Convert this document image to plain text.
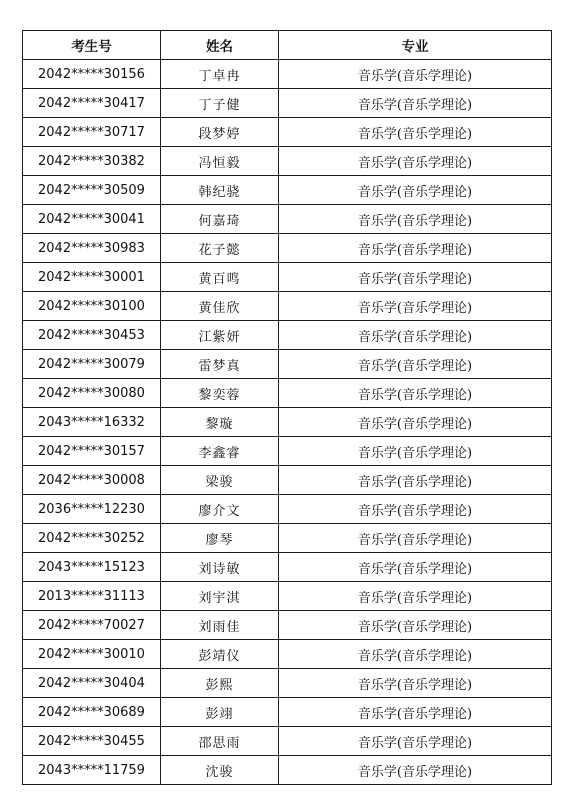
考生号	姓名	专业
2042*****30156	丁卓冉	音乐学(音乐学理论)
2042*****30417	丁子健	音乐学(音乐学理论)
2042*****30717	段梦婷	音乐学(音乐学理论)
2042*****30382	冯恒毅	音乐学(音乐学理论)
2042*****30509	韩纪骁	音乐学(音乐学理论)
2042*****30041	何嘉琦	音乐学(音乐学理论)
2042*****30983	花子懿	音乐学(音乐学理论)
2042*****30001	黄百鸣	音乐学(音乐学理论)
2042*****30100	黄佳欣	音乐学(音乐学理论)
2042*****30453	江紫妍	音乐学(音乐学理论)
2042*****30079	雷梦真	音乐学(音乐学理论)
2042*****30080	黎奕蓉	音乐学(音乐学理论)
2043*****16332	黎璇	音乐学(音乐学理论)
2042*****30157	李鑫睿	音乐学(音乐学理论)
2042*****30008	梁骏	音乐学(音乐学理论)
2036*****12230	廖介文	音乐学(音乐学理论)
2042*****30252	廖琴	音乐学(音乐学理论)
2043*****15123	刘诗敏	音乐学(音乐学理论)
2013*****31113	刘宇淇	音乐学(音乐学理论)
2042*****70027	刘雨佳	音乐学(音乐学理论)
2042*****30010	彭靖仪	音乐学(音乐学理论)
2042*****30404	彭熙	音乐学(音乐学理论)
2042*****30689	彭翊	音乐学(音乐学理论)
2042*****30455	邵思雨	音乐学(音乐学理论)
2043*****11759	沈骏	音乐学(音乐学理论)
